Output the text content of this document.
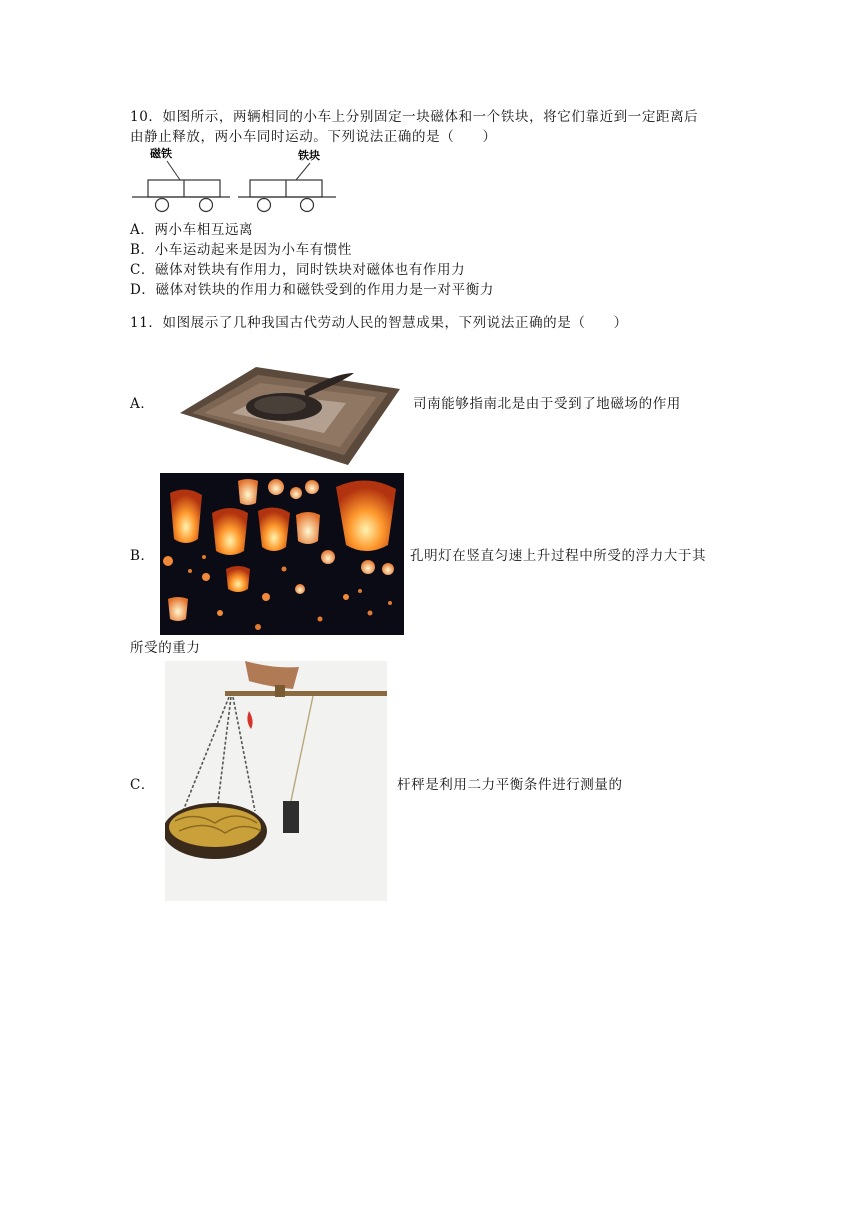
10．如图所示，两辆相同的小车上分别固定一块磁体和一个铁块，将它们靠近到一定距离后
由静止释放，两小车同时运动。下列说法正确的是（　　）
磁铁	铁块
A．两小车相互远离
B．小车运动起来是因为小车有惯性
C．磁体对铁块有作用力，同时铁块对磁体也有作用力
D．磁体对铁块的作用力和磁铁受到的作用力是一对平衡力
11．如图展示了几种我国古代劳动人民的智慧成果，下列说法正确的是（　　）
A．	司南能够指南北是由于受到了地磁场的作用
B．	孔明灯在竖直匀速上升过程中所受的浮力大于其
所受的重力
C．	杆秤是利用二力平衡条件进行测量的
